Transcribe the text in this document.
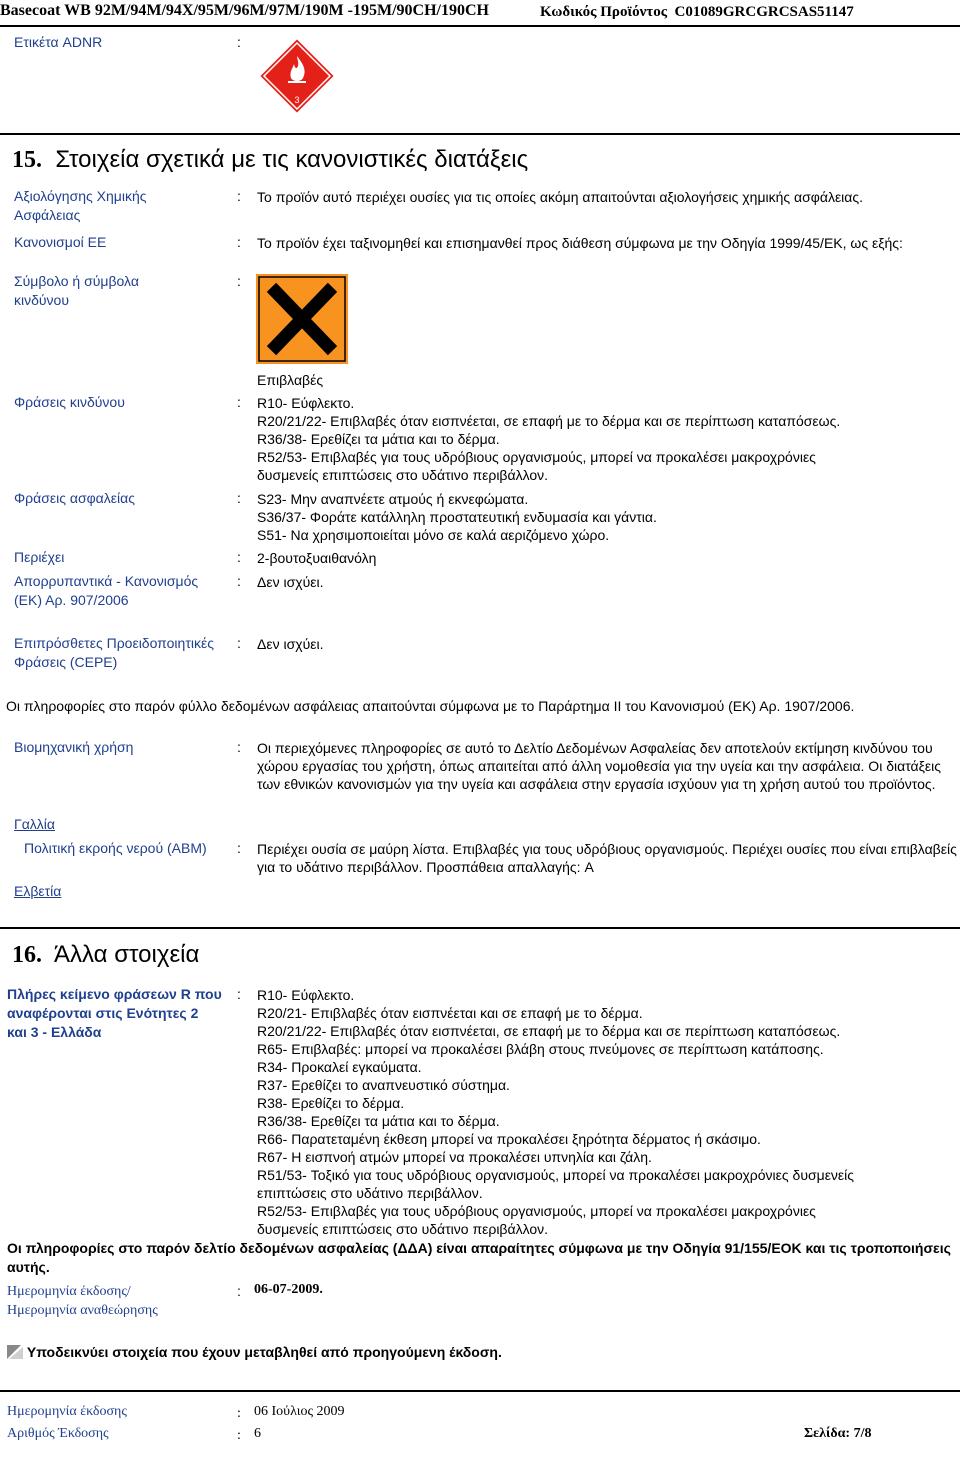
Basecoat WB 92M/94M/94X/95M/96M/97M/190M -195M/90CH/190CH	Κωδικός Προϊόντος C01089GRCGRCSAS51147
Ετικέτα ADNR	:
3
15. Στοιχεία σχετικά με τις κανονιστικές διατάξεις
Αξιολόγησης Χημικής Ασφάλειας
: Το προϊόν αυτό περιέχει ουσίες για τις οποίες ακόμη απαιτούνται αξιολογήσεις χημικής ασφάλειας.
Κανονισμοί ΕΕ	: Το προϊόν έχει ταξινομηθεί και επισημανθεί προς διάθεση σύμφωνα με την Οδηγία 1999/45/ΕΚ, ως εξής:
Σύμβολο ή σύμβολα κινδύνου
:
Επιβλαβές
Φράσεις κινδύνου	: R10- Εύφλεκτο.
R20/21/22- Επιβλαβές όταν εισπνέεται, σε επαφή με το δέρμα και σε περίπτωση καταπόσεως.
R36/38- Ερεθίζει τα μάτια και το δέρμα.
R52/53- Επιβλαβές για τους υδρόβιους οργανισμούς, μπορεί να προκαλέσει μακροχρόνιες
δυσμενείς επιπτώσεις στο υδάτινο περιβάλλον.
Φράσεις ασφαλείας	: S23- Μην αναπνέετε ατμούς ή εκνεφώματα.
S36/37- Φοράτε κατάλληλη προστατευτική ενδυμασία και γάντια.
S51- Να χρησιμοποιείται μόνο σε καλά αεριζόμενο χώρο.
Περιέχει	: 2-βουτοξυαιθανόλη
Απορρυπαντικά - Κανονισμός (ΕΚ) Αρ. 907/2006
: Δεν ισχύει.
Επιπρόσθετες Προειδοποιητικές Φράσεις (CEPE)
: Δεν ισχύει.
Οι πληροφορίες στο παρόν φύλλο δεδομένων ασφάλειας απαιτούνται σύμφωνα με το Παράρτημα II του Κανονισμού (ΕΚ) Αρ. 1907/2006.
Βιομηχανική χρήση	: Οι περιεχόμενες πληροφορίες σε αυτό το Δελτίο Δεδομένων Ασφαλείας δεν αποτελούν εκτίμηση κινδύνου του χώρου εργασίας του χρήστη, όπως απαιτείται από άλλη νομοθεσία για την υγεία και την ασφάλεια. Οι διατάξεις των εθνικών κανονισμών για την υγεία και ασφάλεια στην εργασία ισχύουν για τη χρήση αυτού του προϊόντος.
Γαλλία
Πολιτική εκροής νερού (ABM)	: Περιέχει ουσία σε μαύρη λίστα. Επιβλαβές για τους υδρόβιους οργανισμούς. Περιέχει ουσίες που είναι επιβλαβείς για το υδάτινο περιβάλλον. Προσπάθεια απαλλαγής: A
Ελβετία
16. Άλλα στοιχεία
Πλήρες κείμενο φράσεων R που αναφέρονται στις Ενότητες 2 και 3 - Ελλάδα
: R10- Εύφλεκτο.
R20/21- Επιβλαβές όταν εισπνέεται και σε επαφή με το δέρμα.
R20/21/22- Επιβλαβές όταν εισπνέεται, σε επαφή με το δέρμα και σε περίπτωση καταπόσεως.
R65- Επιβλαβές: μπορεί να προκαλέσει βλάβη στους πνεύμονες σε περίπτωση κατάποσης.
R34- Προκαλεί εγκαύματα.
R37- Ερεθίζει το αναπνευστικό σύστημα.
R38- Ερεθίζει το δέρμα.
R36/38- Ερεθίζει τα μάτια και το δέρμα.
R66- Παρατεταμένη έκθεση μπορεί να προκαλέσει ξηρότητα δέρματος ή σκάσιμο.
R67- Η εισπνοή ατμών μπορεί να προκαλέσει υπνηλία και ζάλη.
R51/53- Τοξικό για τους υδρόβιους οργανισμούς, μπορεί να προκαλέσει μακροχρόνιες δυσμενείς
επιπτώσεις στο υδάτινο περιβάλλον.
R52/53- Επιβλαβές για τους υδρόβιους οργανισμούς, μπορεί να προκαλέσει μακροχρόνιες
δυσμενείς επιπτώσεις στο υδάτινο περιβάλλον.
Οι πληροφορίες στο παρόν δελτίο δεδομένων ασφαλείας (ΔΔΑ) είναι απαραίτητες σύμφωνα με την Οδηγία 91/155/ΕΟΚ και τις τροποποιήσεις αυτής.
Ημερομηνία έκδοσης/Ημερομηνία αναθεώρησης
: 06-07-2009.
Υποδεικνύει στοιχεία που έχουν μεταβληθεί από προηγούμενη έκδοση.
Ημερομηνία έκδοσης	: 06 Ιούλιος 2009
Αριθμός Έκδοσης	: 6	Σελίδα: 7/8
